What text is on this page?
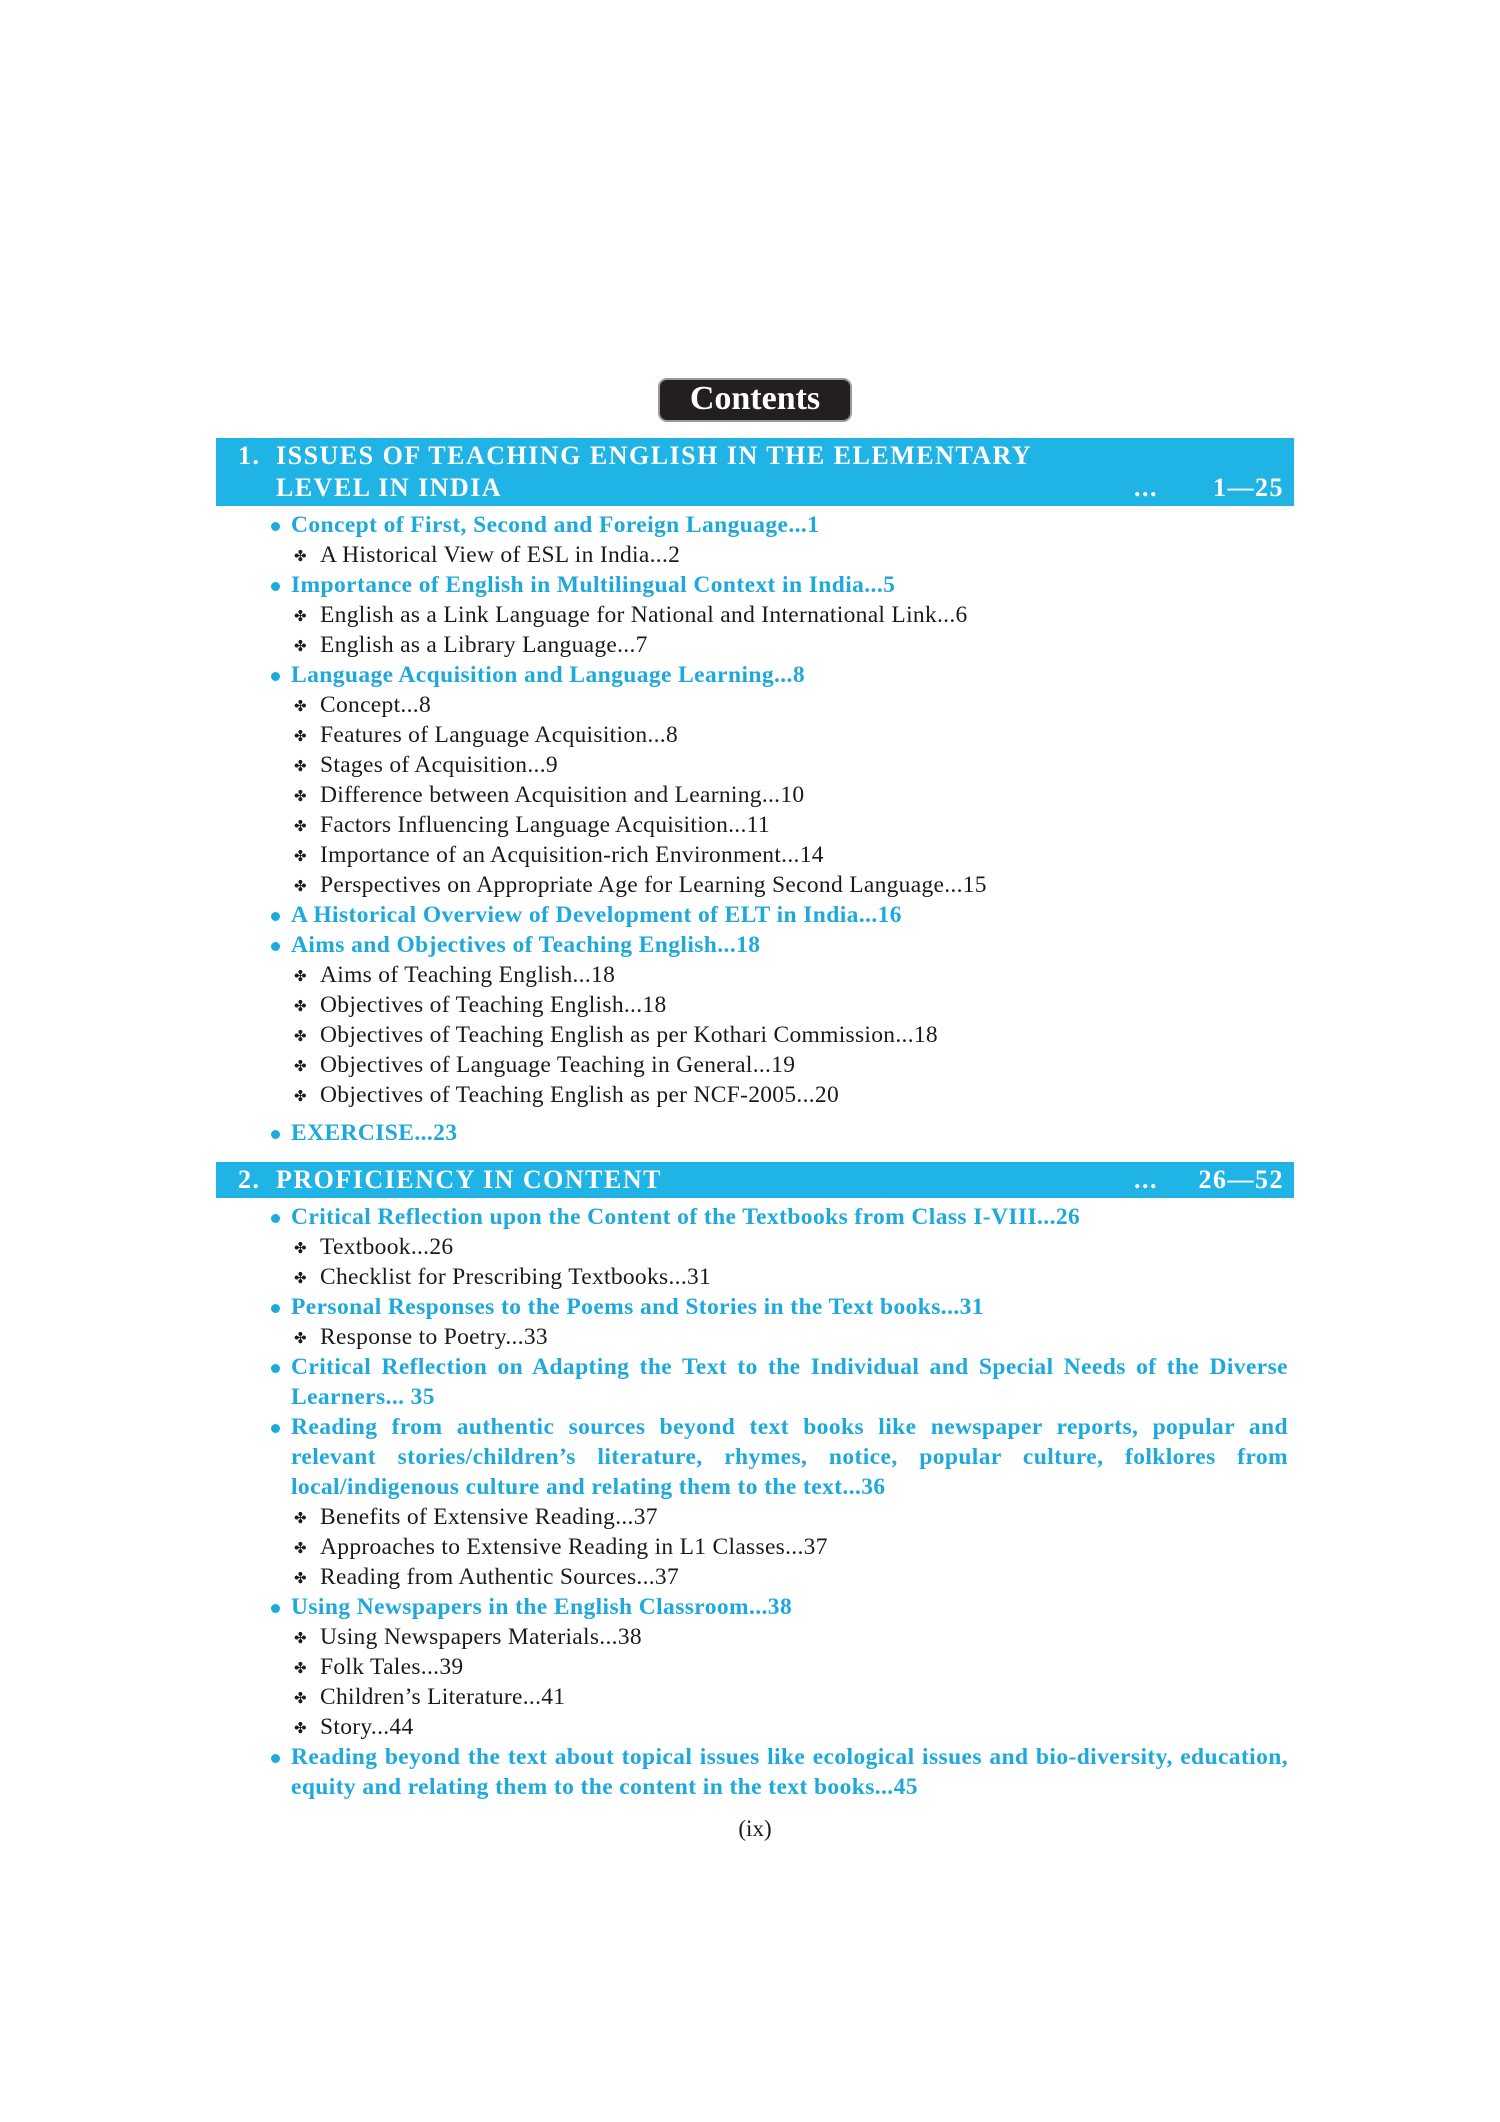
Contents
1. ISSUES OF TEACHING ENGLISH IN THE ELEMENTARY
LEVEL IN INDIA	...	1—25
Concept of First, Second and Foreign Language...1
✤ A Historical View of ESL in India...2
Importance of English in Multilingual Context in India...5
✤ English as a Link Language for National and International Link...6
✤ English as a Library Language...7
Language Acquisition and Language Learning...8
✤ Concept...8
✤ Features of Language Acquisition...8
✤ Stages of Acquisition...9
✤ Difference between Acquisition and Learning...10
✤ Factors Influencing Language Acquisition...11
✤ Importance of an Acquisition-rich Environment...14
✤ Perspectives on Appropriate Age for Learning Second Language...15
A Historical Overview of Development of ELT in India...16
Aims and Objectives of Teaching English...18
✤ Aims of Teaching English...18
✤ Objectives of Teaching English...18
✤ Objectives of Teaching English as per Kothari Commission...18
✤ Objectives of Language Teaching in General...19
✤ Objectives of Teaching English as per NCF-2005...20
EXERCISE...23
2. PROFICIENCY IN CONTENT	...	26—52
Critical Reflection upon the Content of the Textbooks from Class I-VIII...26
✤ Textbook...26
✤ Checklist for Prescribing Textbooks...31
Personal Responses to the Poems and Stories in the Text books...31
✤ Response to Poetry...33
Critical Reflection on Adapting the Text to the Individual and Special Needs of the Diverse Learners... 35
Reading from authentic sources beyond text books like newspaper reports, popular and relevant stories/children’s literature, rhymes, notice, popular culture, folklores from local/indigenous culture and relating them to the text...36
✤ Benefits of Extensive Reading...37
✤ Approaches to Extensive Reading in L1 Classes...37
✤ Reading from Authentic Sources...37
Using Newspapers in the English Classroom...38
✤ Using Newspapers Materials...38
✤ Folk Tales...39
✤ Children’s Literature...41
✤ Story...44
Reading beyond the text about topical issues like ecological issues and bio-diversity, education, equity and relating them to the content in the text books...45
(ix)
